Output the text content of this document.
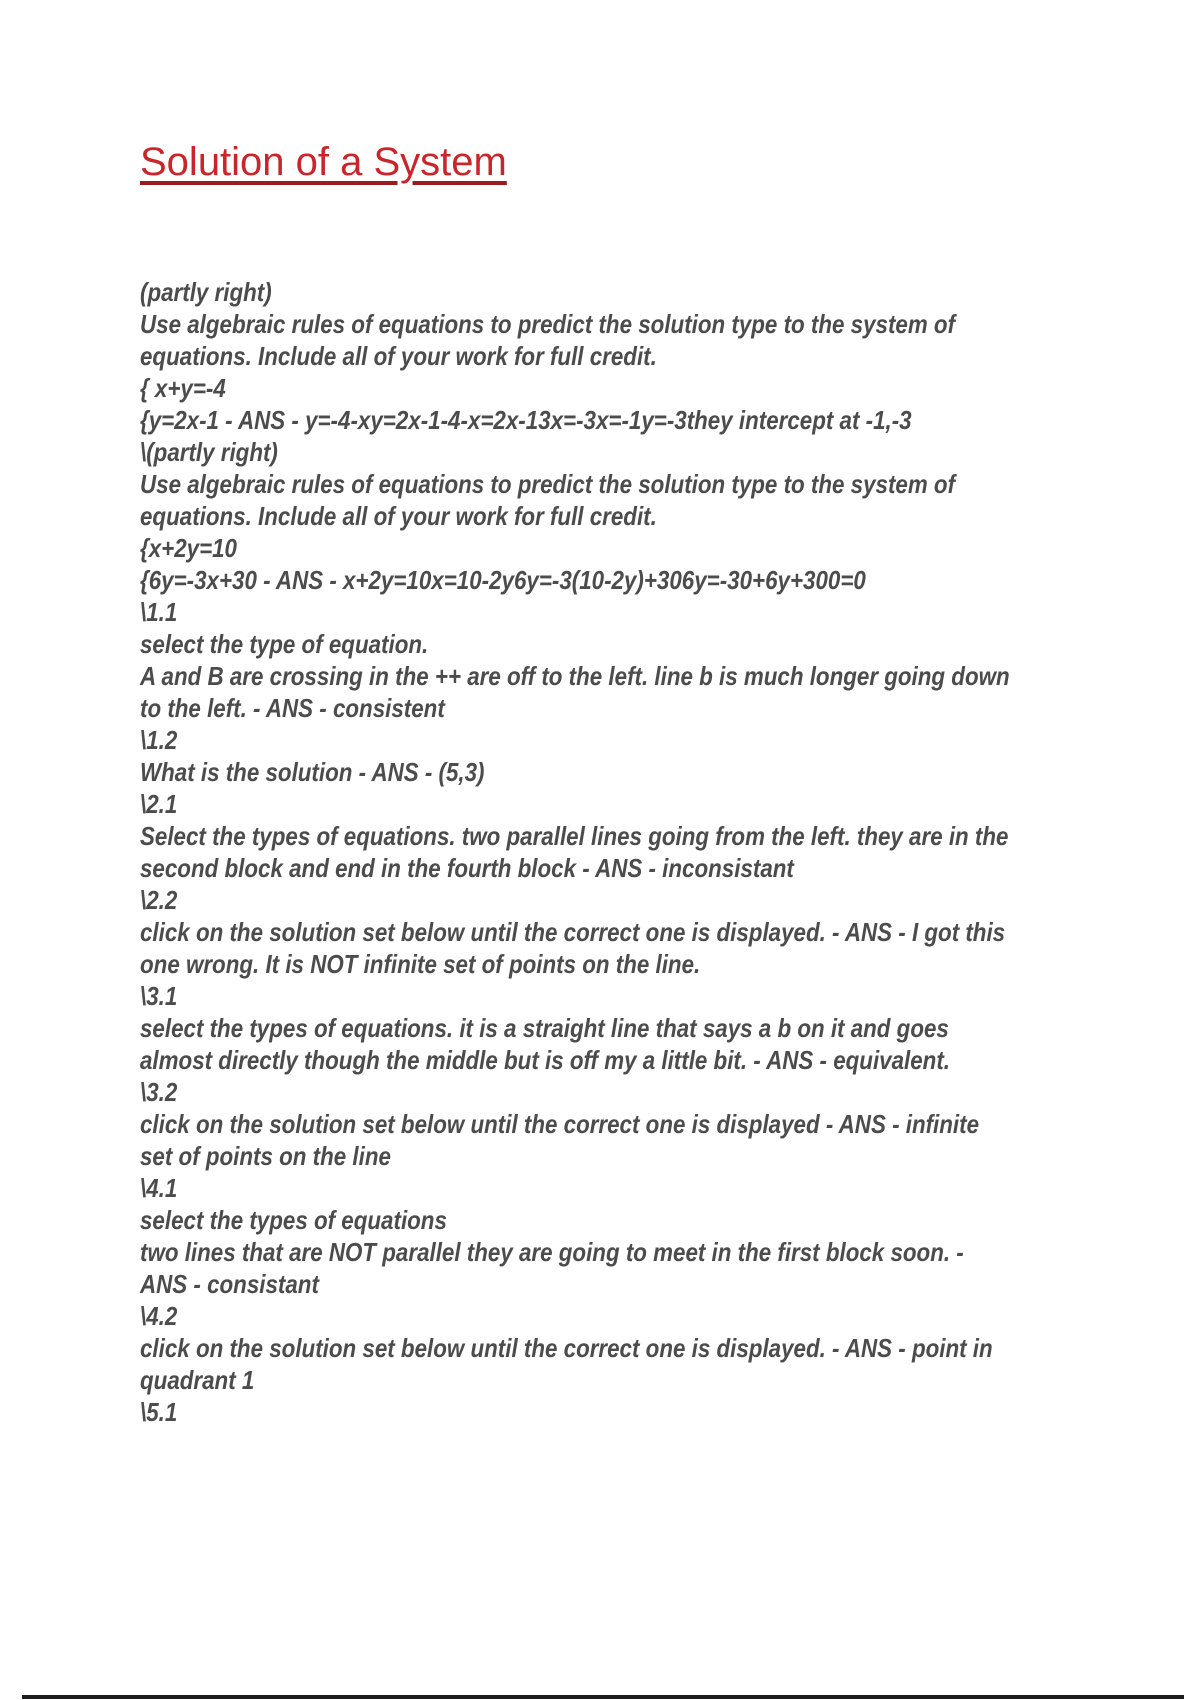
Solution of a System
(partly right)
Use algebraic rules of equations to predict the solution type to the system of
equations. Include all of your work for full credit.
{ x+y=-4
{y=2x-1 - ANS - y=-4-xy=2x-1-4-x=2x-13x=-3x=-1y=-3they intercept at -1,-3
\(partly right)
Use algebraic rules of equations to predict the solution type to the system of
equations. Include all of your work for full credit.
{x+2y=10
{6y=-3x+30 - ANS - x+2y=10x=10-2y6y=-3(10-2y)+306y=-30+6y+300=0
\1.1
select the type of equation.
A and B are crossing in the ++ are off to the left. line b is much longer going down
to the left. - ANS - consistent
\1.2
What is the solution - ANS - (5,3)
\2.1
Select the types of equations. two parallel lines going from the left. they are in the
second block and end in the fourth block - ANS - inconsistant
\2.2
click on the solution set below until the correct one is displayed. - ANS - I got this
one wrong. It is NOT infinite set of points on the line.
\3.1
select the types of equations. it is a straight line that says a b on it and goes
almost directly though the middle but is off my a little bit. - ANS - equivalent.
\3.2
click on the solution set below until the correct one is displayed - ANS - infinite
set of points on the line
\4.1
select the types of equations
two lines that are NOT parallel they are going to meet in the first block soon. -
ANS - consistant
\4.2
click on the solution set below until the correct one is displayed. - ANS - point in
quadrant 1
\5.1
